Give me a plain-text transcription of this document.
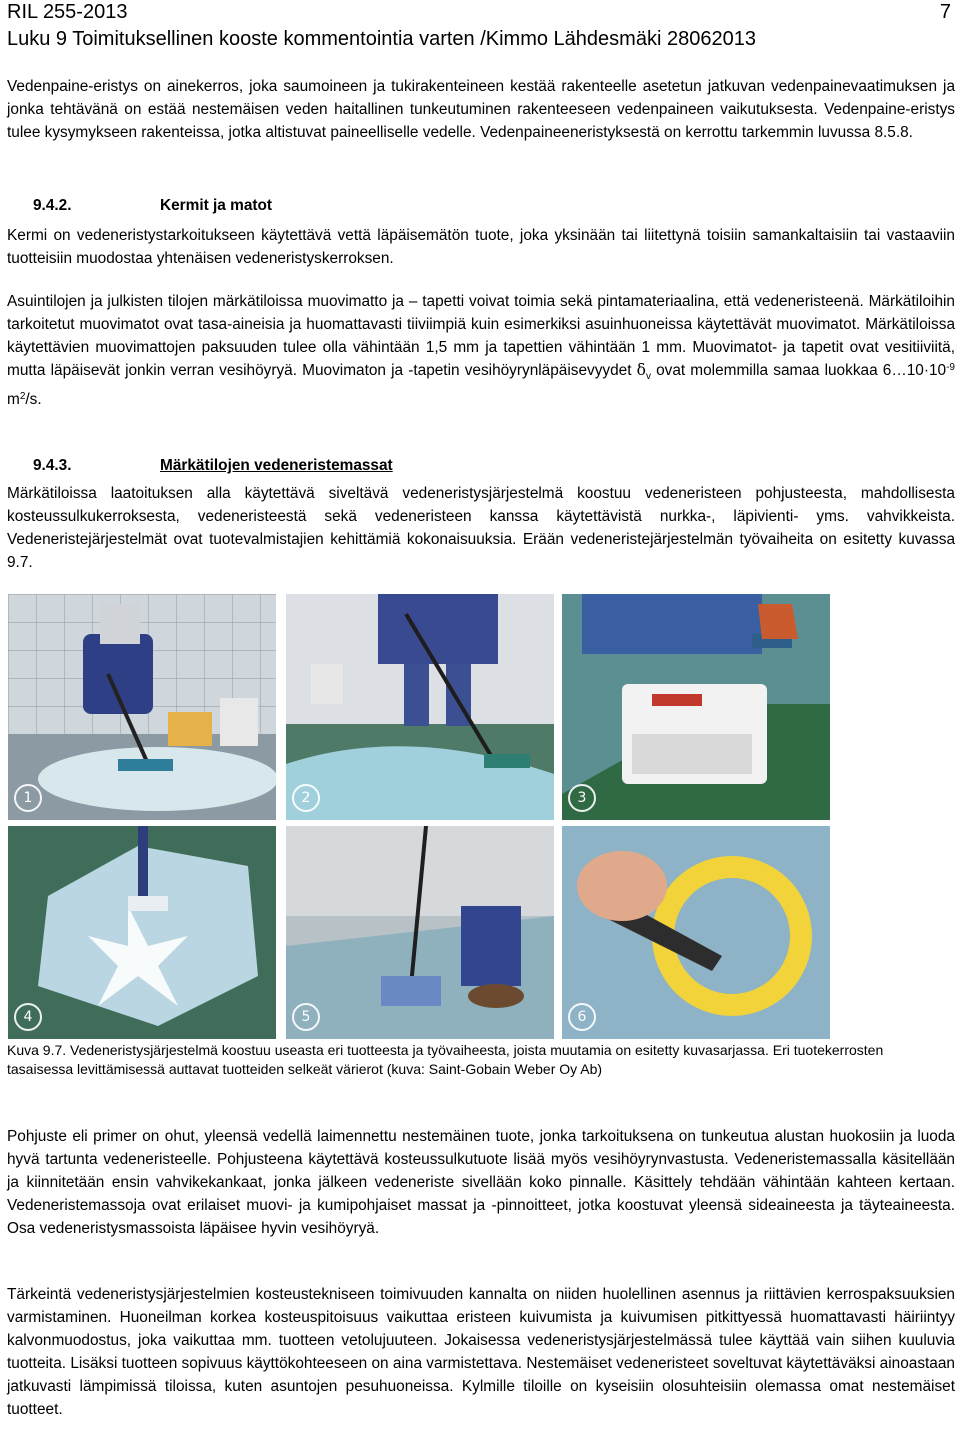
RIL 255-2013
Luku 9 Toimituksellinen kooste kommentointia varten /Kimmo Lähdesmäki 28062013
7

Vedenpaine-eristys on ainekerros, joka saumoineen ja tukirakenteineen kestää rakenteelle asetetun jatkuvan vedenpainevaatimuksen ja jonka tehtävänä on estää nestemäisen veden haitallinen tunkeutuminen rakenteeseen vedenpaineen vaikutuksesta. Vedenpaine-eristys tulee kysymykseen rakenteissa, jotka altistuvat paineelliselle vedelle. Vedenpaineeneristyksestä on kerrottu tarkemmin luvussa 8.5.8.

9.4.2.	Kermit ja matot

Kermi on vedeneristystarkoitukseen käytettävä vettä läpäisemätön tuote, joka yksinään tai liitettynä toisiin samankaltaisiin tai vastaaviin tuotteisiin muodostaa yhtenäisen vedeneristyskerroksen.

Asuintilojen ja julkisten tilojen märkätiloissa muovimatto ja – tapetti voivat toimia sekä pintamateriaalina, että vedeneristeenä. Märkätiloihin tarkoitetut muovimatot ovat tasa-aineisia ja huomattavasti tiiviimpiä kuin esimerkiksi asuinhuoneissa käytettävät muovimatot. Märkätiloissa käytettävien muovimattojen paksuuden tulee olla vähintään 1,5 mm ja tapettien vähintään 1 mm. Muovimatot- ja tapetit ovat vesitiiviitä, mutta läpäisevät jonkin verran vesihöyryä. Muovimaton ja -tapetin vesihöyrynläpäisevyydet $\delta_v$ ovat molemmilla samaa luokkaa $6\dots 10\cdot 10^{-9}$ $m^2/s$.

9.4.3.	Märkätilojen vedeneristemassat

Märkätiloissa laatoituksen alla käytettävä siveltävä vedeneristysjärjestelmä koostuu vedeneristeen pohjusteesta, mahdollisesta kosteussulkukerroksesta, vedeneristeestä sekä vedeneristeen kanssa käytettävistä nurkka-, läpivienti- yms. vahvikkeista. Vedeneristejärjestelmät ovat tuotevalmistajien kehittämiä kokonaisuuksia. Erään vedeneristejärjestelmän työvaiheita on esitetty kuvassa 9.7.

1	2	3
4	5	6
Kuva 9.7. Vedeneristysjärjestelmä koostuu useasta eri tuotteesta ja työvaiheesta, joista muutamia on esitetty kuvasarjassa. Eri tuotekerrosten tasaisessa levittämisessä auttavat tuotteiden selkeät värierot (kuva: Saint-Gobain Weber Oy Ab)

Pohjuste eli primer on ohut, yleensä vedellä laimennettu nestemäinen tuote, jonka tarkoituksena on tunkeutua alustan huokosiin ja luoda hyvä tartunta vedeneristeelle. Pohjusteena käytettävä kosteussulkutuote lisää myös vesihöyrynvastusta. Vedeneristemassalla käsitellään ja kiinnitetään ensin vahvikekankaat, jonka jälkeen vedeneriste sivellään koko pinnalle. Käsittely tehdään vähintään kahteen kertaan. Vedeneristemassoja ovat erilaiset muovi- ja kumipohjaiset massat ja -pinnoitteet, jotka koostuvat yleensä sideaineesta ja täyteaineesta. Osa vedeneristysmassoista läpäisee hyvin vesihöyryä.

Tärkeintä vedeneristysjärjestelmien kosteustekniseen toimivuuden kannalta on niiden huolellinen asennus ja riittävien kerrospaksuuksien varmistaminen. Huoneilman korkea kosteuspitoisuus vaikuttaa eristeen kuivumista ja kuivumisen pitkittyessä huomattavasti häiriintyy kalvonmuodostus, joka vaikuttaa mm. tuotteen vetolujuuteen. Jokaisessa vedeneristysjärjestelmässä tulee käyttää vain siihen kuuluvia tuotteita. Lisäksi tuotteen sopivuus käyttökohteeseen on aina varmistettava. Nestemäiset vedeneristeet soveltuvat käytettäväksi ainoastaan jatkuvasti lämpimissä tiloissa, kuten asuntojen pesuhuoneissa. Kylmille tiloille on kyseisiin olosuhteisiin olemassa omat nestemäiset tuotteet.
